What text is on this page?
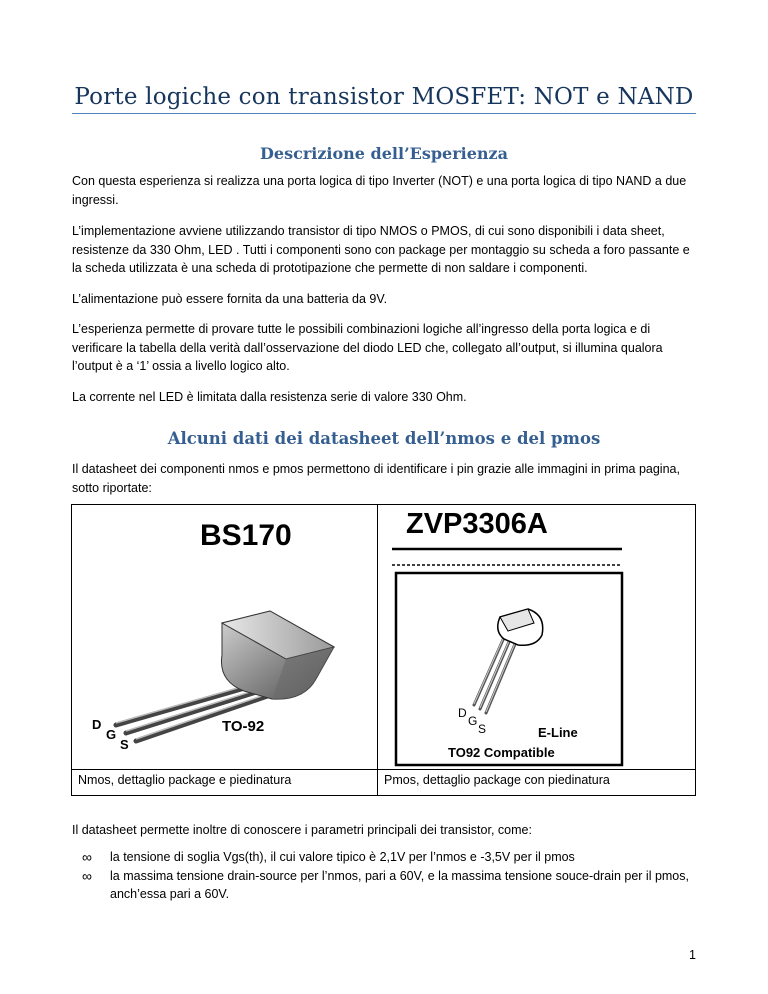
Porte logiche con transistor MOSFET: NOT e NAND
Descrizione dell’Esperienza

Con questa esperienza si realizza una porta logica di tipo Inverter (NOT) e una porta logica di tipo NAND a due ingressi.

L’implementazione avviene utilizzando transistor di tipo NMOS o PMOS, di cui sono disponibili i data sheet, resistenze da 330 Ohm, LED . Tutti i componenti sono con package per montaggio su scheda a foro passante e la scheda utilizzata è una scheda di prototipazione che permette di non saldare i componenti.

L’alimentazione può essere fornita da una batteria da 9V.

L’esperienza permette di provare tutte le possibili combinazioni logiche all’ingresso della porta logica e di verificare la tabella della verità dall’osservazione del diodo LED che, collegato all’output, si illumina qualora l’output è a ‘1’ ossia a livello logico alto.

La corrente nel LED è limitata dalla resistenza serie di valore 330 Ohm.

Alcuni dati dei datasheet dell’nmos e del pmos

Il datasheet dei componenti nmos e pmos permettono di identificare i pin grazie alle immagini in prima pagina, sotto riportate:

BS170
D
G
S
TO-92
ZVP3306A
D
G
S	E-Line
TO92 Compatible
Nmos, dettaglio package e piedinatura	Pmos, dettaglio package con piedinatura

Il datasheet permette inoltre di conoscere i parametri principali dei transistor, come:

∞ la tensione di soglia Vgs(th), il cui valore tipico è 2,1V per l’nmos e -3,5V per il pmos
∞ la massima tensione drain-source per l’nmos, pari a 60V, e la massima tensione souce-drain per il pmos, anch’essa pari a 60V.
1
